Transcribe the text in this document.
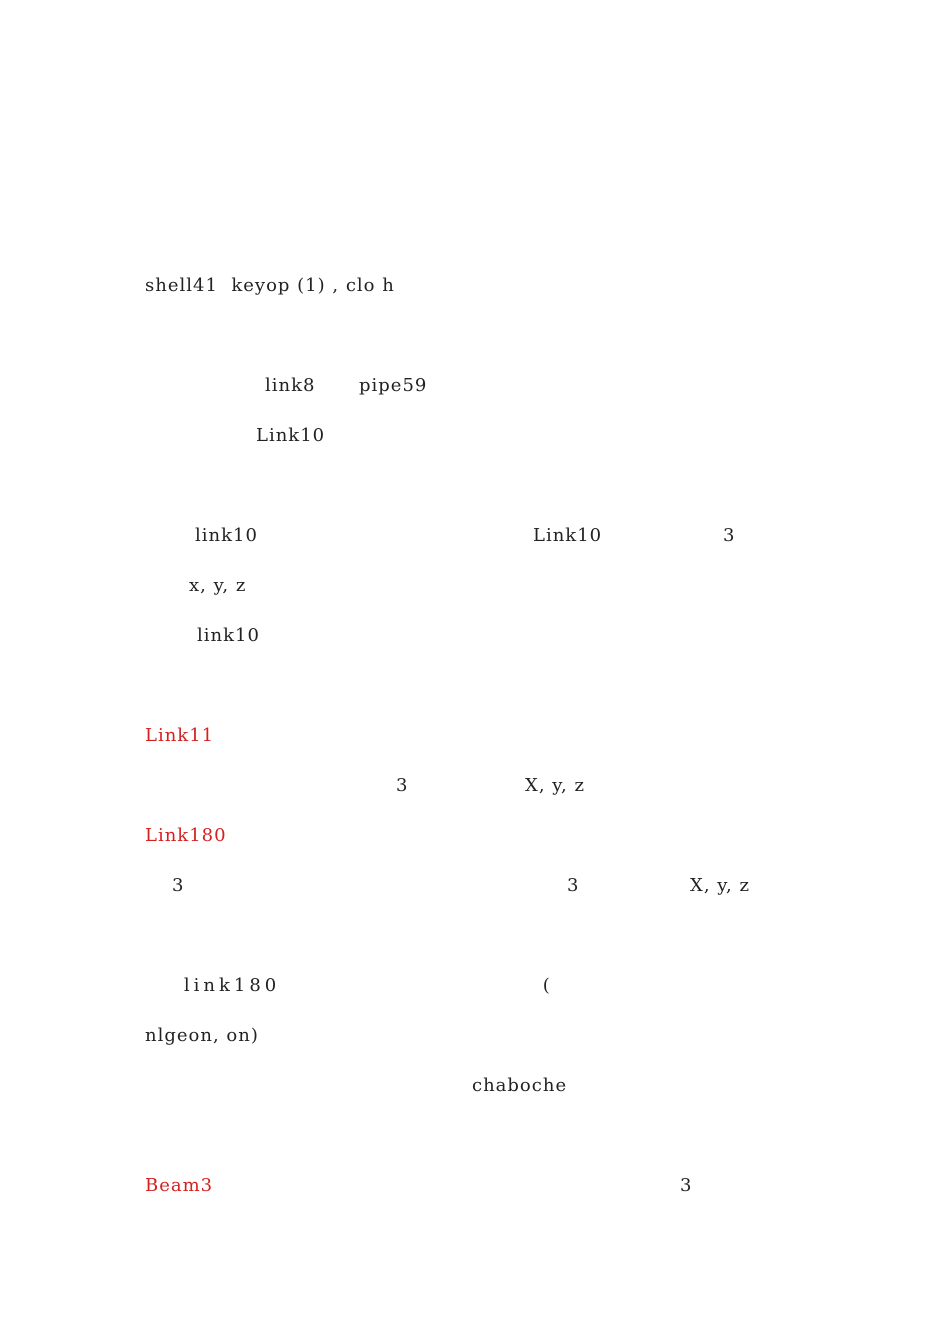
shell41  keyop (1) , clo h

link8 pipe59

Link10

link10	Link10	3

x, y, z

link10

Link11

3	X, y, z
Link180

3
	3	X, y, z

link180                           (
nlgeon, on)

chaboche

Beam3
	3
